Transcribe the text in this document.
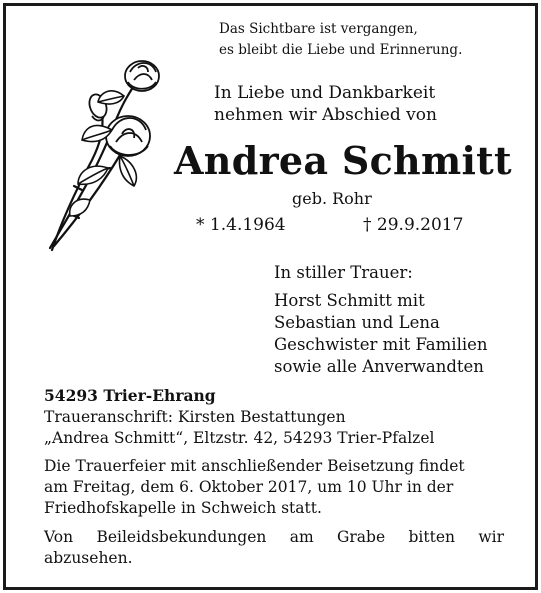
Das Sichtbare ist vergangen,

es bleibt die Liebe und Erinnerung.

In Liebe und Dankbarkeit

nehmen wir Abschied von

Andrea Schmitt

geb. Rohr

* 1.4.1964	† 29.9.2017

In stiller Trauer:

Horst Schmitt mit

Sebastian und Lena

Geschwister mit Familien

sowie alle Anverwandten

54293 Trier-Ehrang

Traueranschrift: Kirsten Bestattungen

„Andrea Schmitt“, Eltzstr. 42, 54293 Trier-Pfalzel

Die Trauerfeier mit anschließender Beisetzung findet

am Freitag, dem 6. Oktober 2017, um 10 Uhr in der

Friedhofskapelle in Schweich statt.

Von Beileidsbekundungen am Grabe bitten wir

abzusehen.
